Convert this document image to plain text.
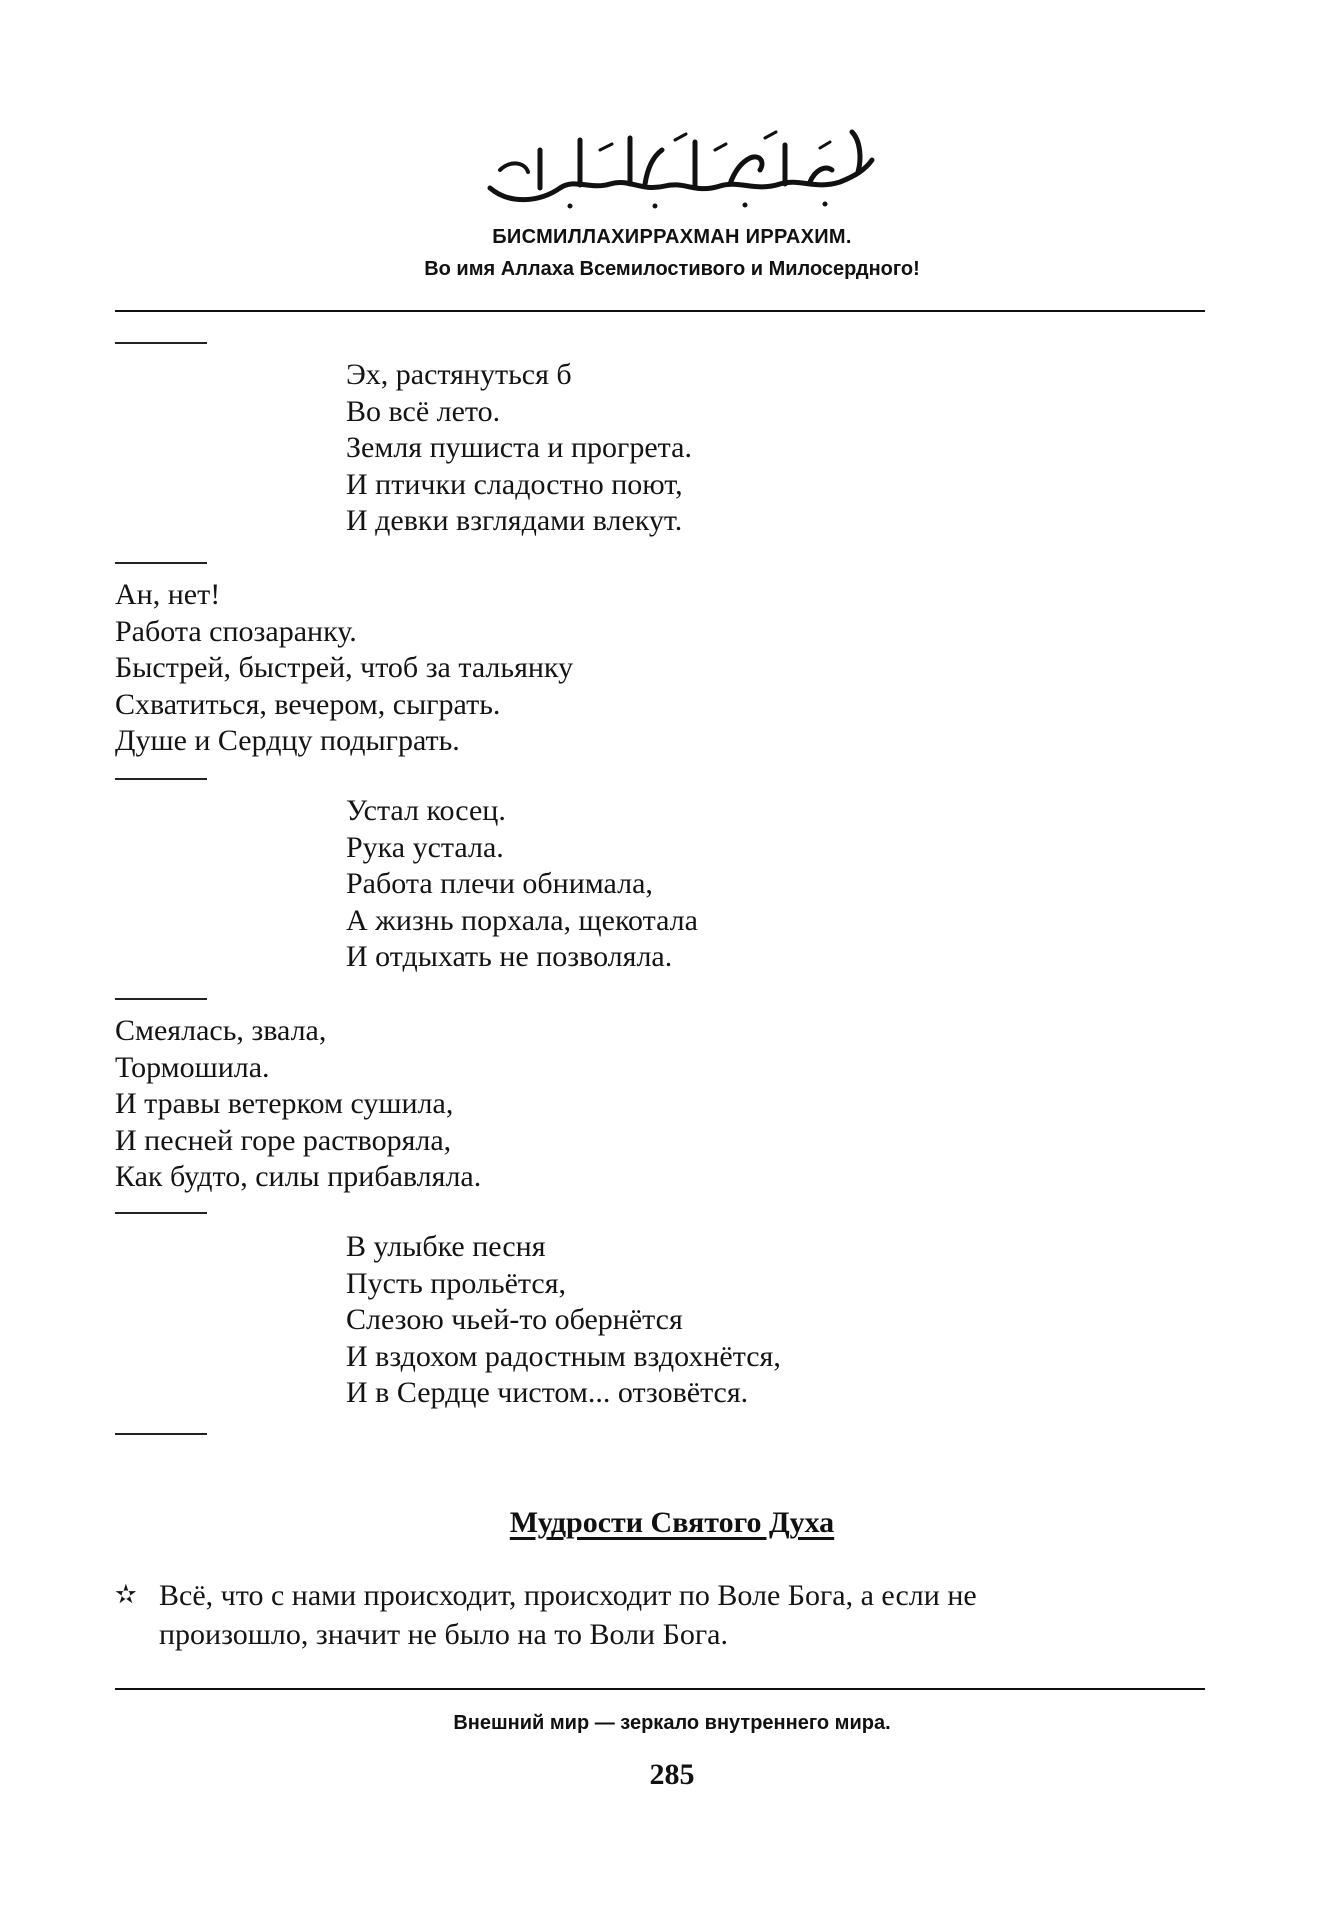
БИСМИЛЛАХИРРАХМАН ИРРАХИМ.
Во имя Аллаха Всемилостивого и Милосердного!
Эх, растянуться б
Во всё лето.
Земля пушиста и прогрета.
И птички сладостно поют,
И девки взглядами влекут.
Ан, нет!
Работа спозаранку.
Быстрей, быстрей, чтоб за тальянку
Схватиться, вечером, сыграть.
Душе и Сердцу подыграть.
Устал косец.
Рука устала.
Работа плечи обнимала,
А жизнь порхала, щекотала
И отдыхать не позволяла.
Смеялась, звала,
Тормошила.
И травы ветерком сушила,
И песней горе растворяла,
Как будто, силы прибавляла.
В улыбке песня
Пусть прольётся,
Слезою чьей-то обернётся
И вздохом радостным вздохнётся,
И в Сердце чистом... отзовётся.
Мудрости Святого Духа
✫ Всё, что с нами происходит, происходит по Воле Бога, а если не
произошло, значит не было на то Воли Бога.
Внешний мир — зеркало внутреннего мира.
285
